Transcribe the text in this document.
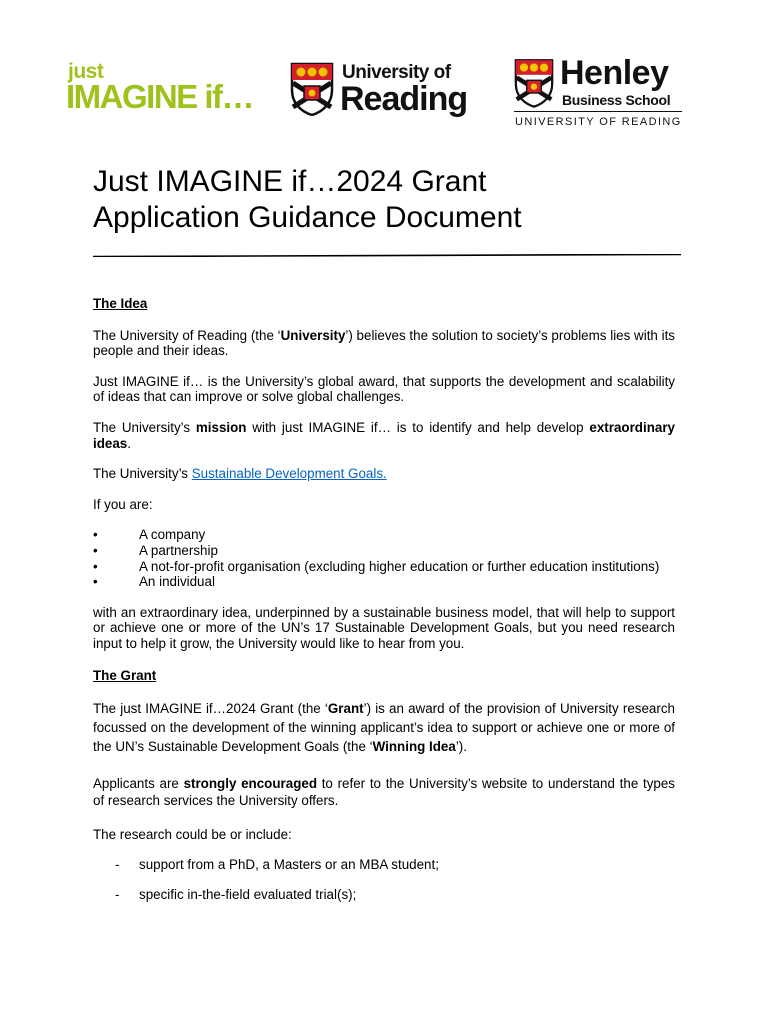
just
IMAGINE if…
University of
Reading
Henley
Business School
UNIVERSITY OF READING
Just IMAGINE if…2024 Grant
Application Guidance Document

The Idea

The University of Reading (the ‘University’) believes the solution to society’s problems lies with its people and their ideas.

Just IMAGINE if… is the University’s global award, that supports the development and scalability of ideas that can improve or solve global challenges.

The University’s mission with just IMAGINE if… is to identify and help develop extraordinary ideas.

The University’s Sustainable Development Goals.

If you are:

•	A company
•	A partnership
•	A not-for-profit organisation (excluding higher education or further education institutions)
•	An individual

with an extraordinary idea, underpinned by a sustainable business model, that will help to support or achieve one or more of the UN’s 17 Sustainable Development Goals, but you need research input to help it grow, the University would like to hear from you.

The Grant

The just IMAGINE if…2024 Grant (the ‘Grant’) is an award of the provision of University research focussed on the development of the winning applicant’s idea to support or achieve one or more of the UN’s Sustainable Development Goals (the ‘Winning Idea’).

Applicants are strongly encouraged to refer to the University’s website to understand the types of research services the University offers.

The research could be or include:

- support from a PhD, a Masters or an MBA student;
- specific in-the-field evaluated trial(s);
